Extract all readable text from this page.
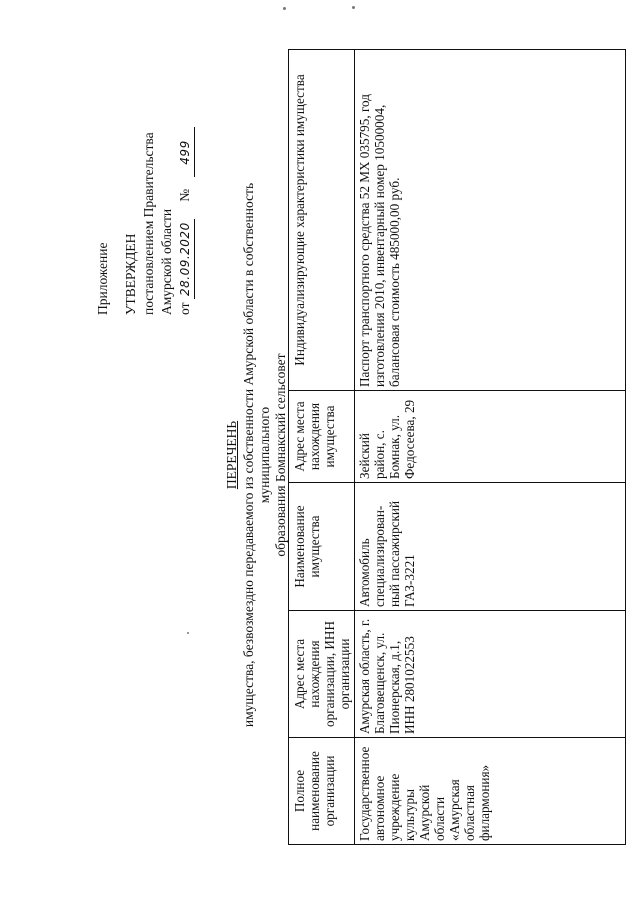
Приложение УТВЕРЖДЕН постановлением Правительства Амурской области от 28.09.2020 № 499
ПЕРЕЧЕНЬ имущества, безвозмездно передаваемого из собственности Амурской области в собственность муниципального образования Бомнакский сельсовет
Полное наименование организации	Адрес места нахождения организации, ИНН организации	Наименование имущества	Адрес места нахождения имущества	Индивидуализирующие характеристики имущества
Государственное автономное учреждение культуры Амурской области «Амурская областная филармония»	Амурская область, г. Благовещенск, ул. Пионерская, д.1, ИНН 2801022553	Автомобиль специализирован-ный пассажирский ГАЗ-3221	Зейский район, с. Бомнак, ул. Федосеева, 29	Паспорт транспортного средства 52 МХ 035795, год изготовления 2010, инвентарный номер 10500004, балансовая стоимость 485000,00 руб.
